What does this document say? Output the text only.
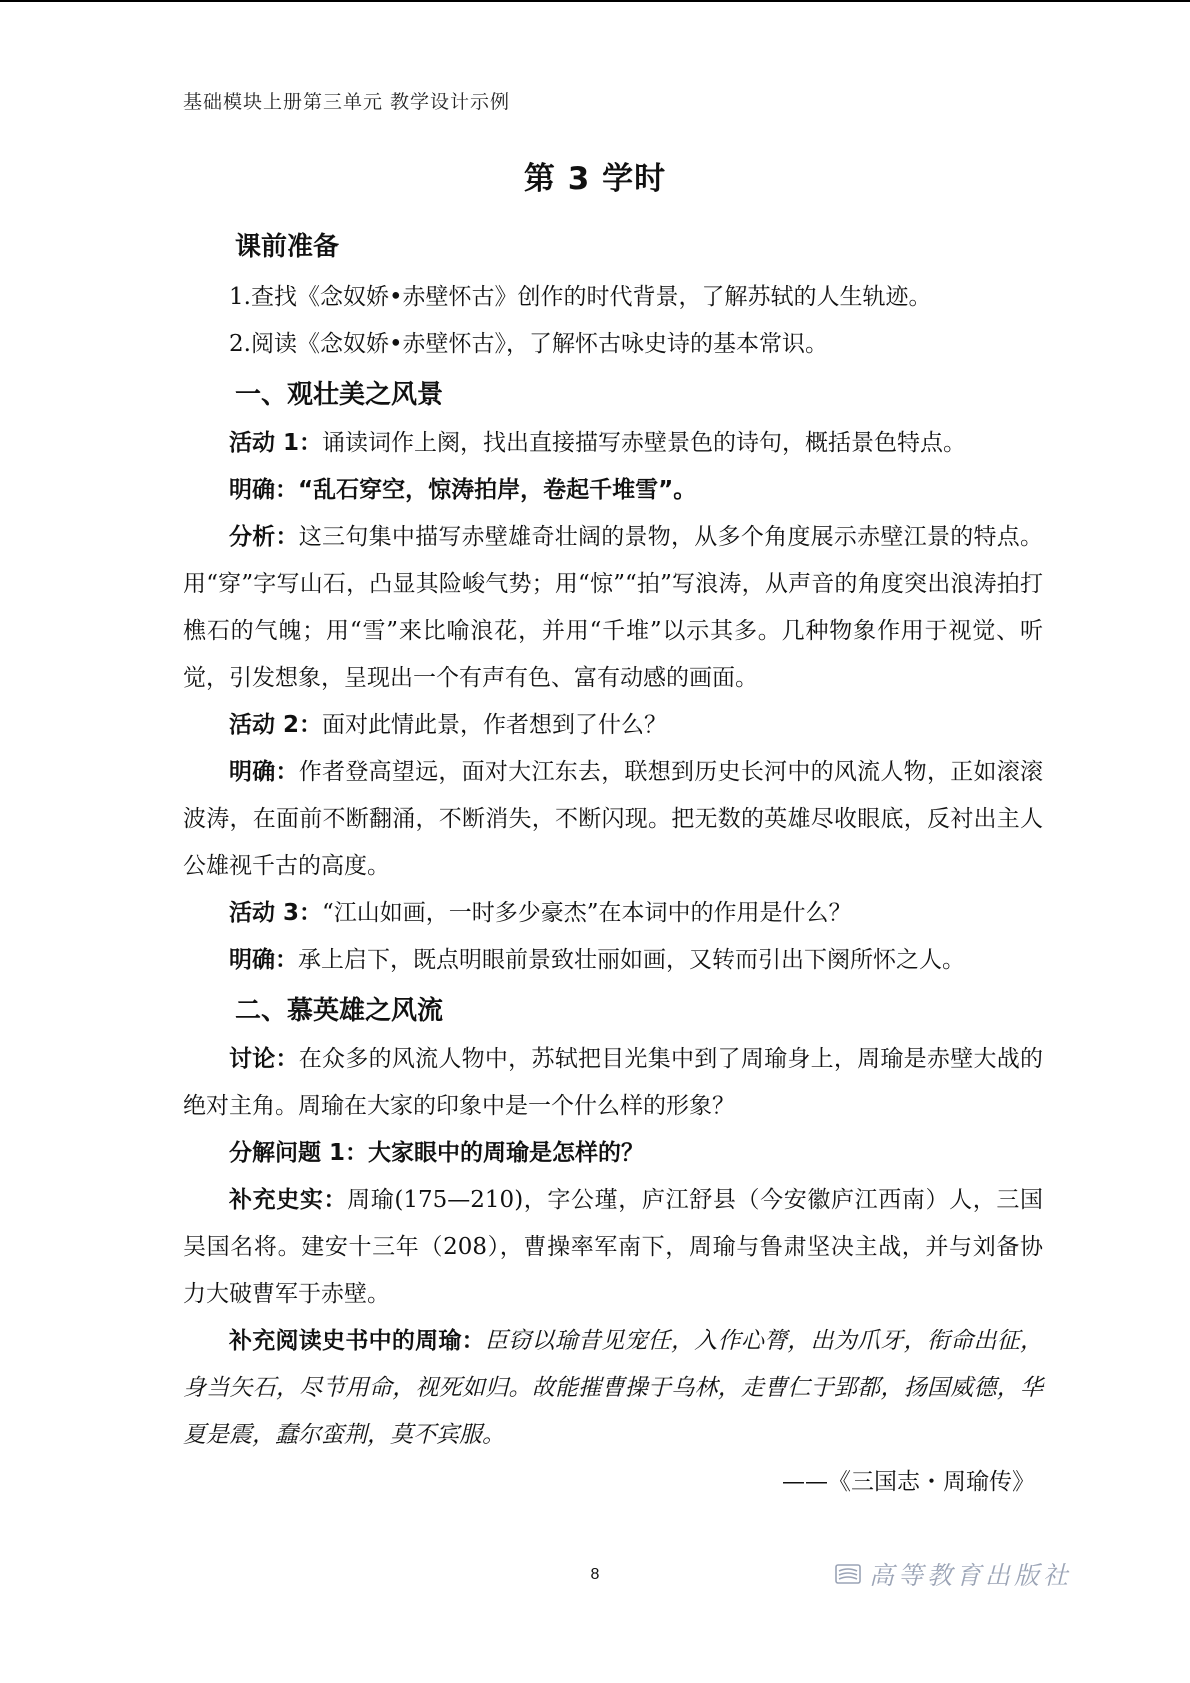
基础模块上册第三单元 教学设计示例
第 3 学时
课前准备

1.查找《念奴娇•赤壁怀古》创作的时代背景，了解苏轼的人生轨迹。

2.阅读《念奴娇•赤壁怀古》，了解怀古咏史诗的基本常识。

一、观壮美之风景

活动 1：诵读词作上阕，找出直接描写赤壁景色的诗句，概括景色特点。

明确：“乱石穿空，惊涛拍岸，卷起千堆雪”。

分析：这三句集中描写赤壁雄奇壮阔的景物，从多个角度展示赤壁江景的特点。用“穿”字写山石，凸显其险峻气势；用“惊”“拍”写浪涛，从声音的角度突出浪涛拍打樵石的气魄；用“雪”来比喻浪花，并用“千堆”以示其多。几种物象作用于视觉、听觉，引发想象，呈现出一个有声有色、富有动感的画面。

活动 2：面对此情此景，作者想到了什么？

明确：作者登高望远，面对大江东去，联想到历史长河中的风流人物，正如滚滚波涛，在面前不断翻涌，不断消失，不断闪现。把无数的英雄尽收眼底，反衬出主人公雄视千古的高度。

活动 3：“江山如画，一时多少豪杰”在本词中的作用是什么？

明确：承上启下，既点明眼前景致壮丽如画，又转而引出下阕所怀之人。

二、慕英雄之风流

讨论：在众多的风流人物中，苏轼把目光集中到了周瑜身上，周瑜是赤壁大战的绝对主角。周瑜在大家的印象中是一个什么样的形象？

分解问题 1：大家眼中的周瑜是怎样的？

补充史实：周瑜(175—210)，字公瑾，庐江舒县（今安徽庐江西南）人，三国吴国名将。建安十三年（208），曹操率军南下，周瑜与鲁肃坚决主战，并与刘备协力大破曹军于赤壁。

补充阅读史书中的周瑜：臣窃以瑜昔见宠任，入作心膂，出为爪牙，衔命出征，身当矢石，尽节用命，视死如归。故能摧曹操于乌林，走曹仁于郢都，扬国威德，华夏是震，蠢尔蛮荆，莫不宾服。

——《三国志・周瑜传》

8	高等教育出版社
